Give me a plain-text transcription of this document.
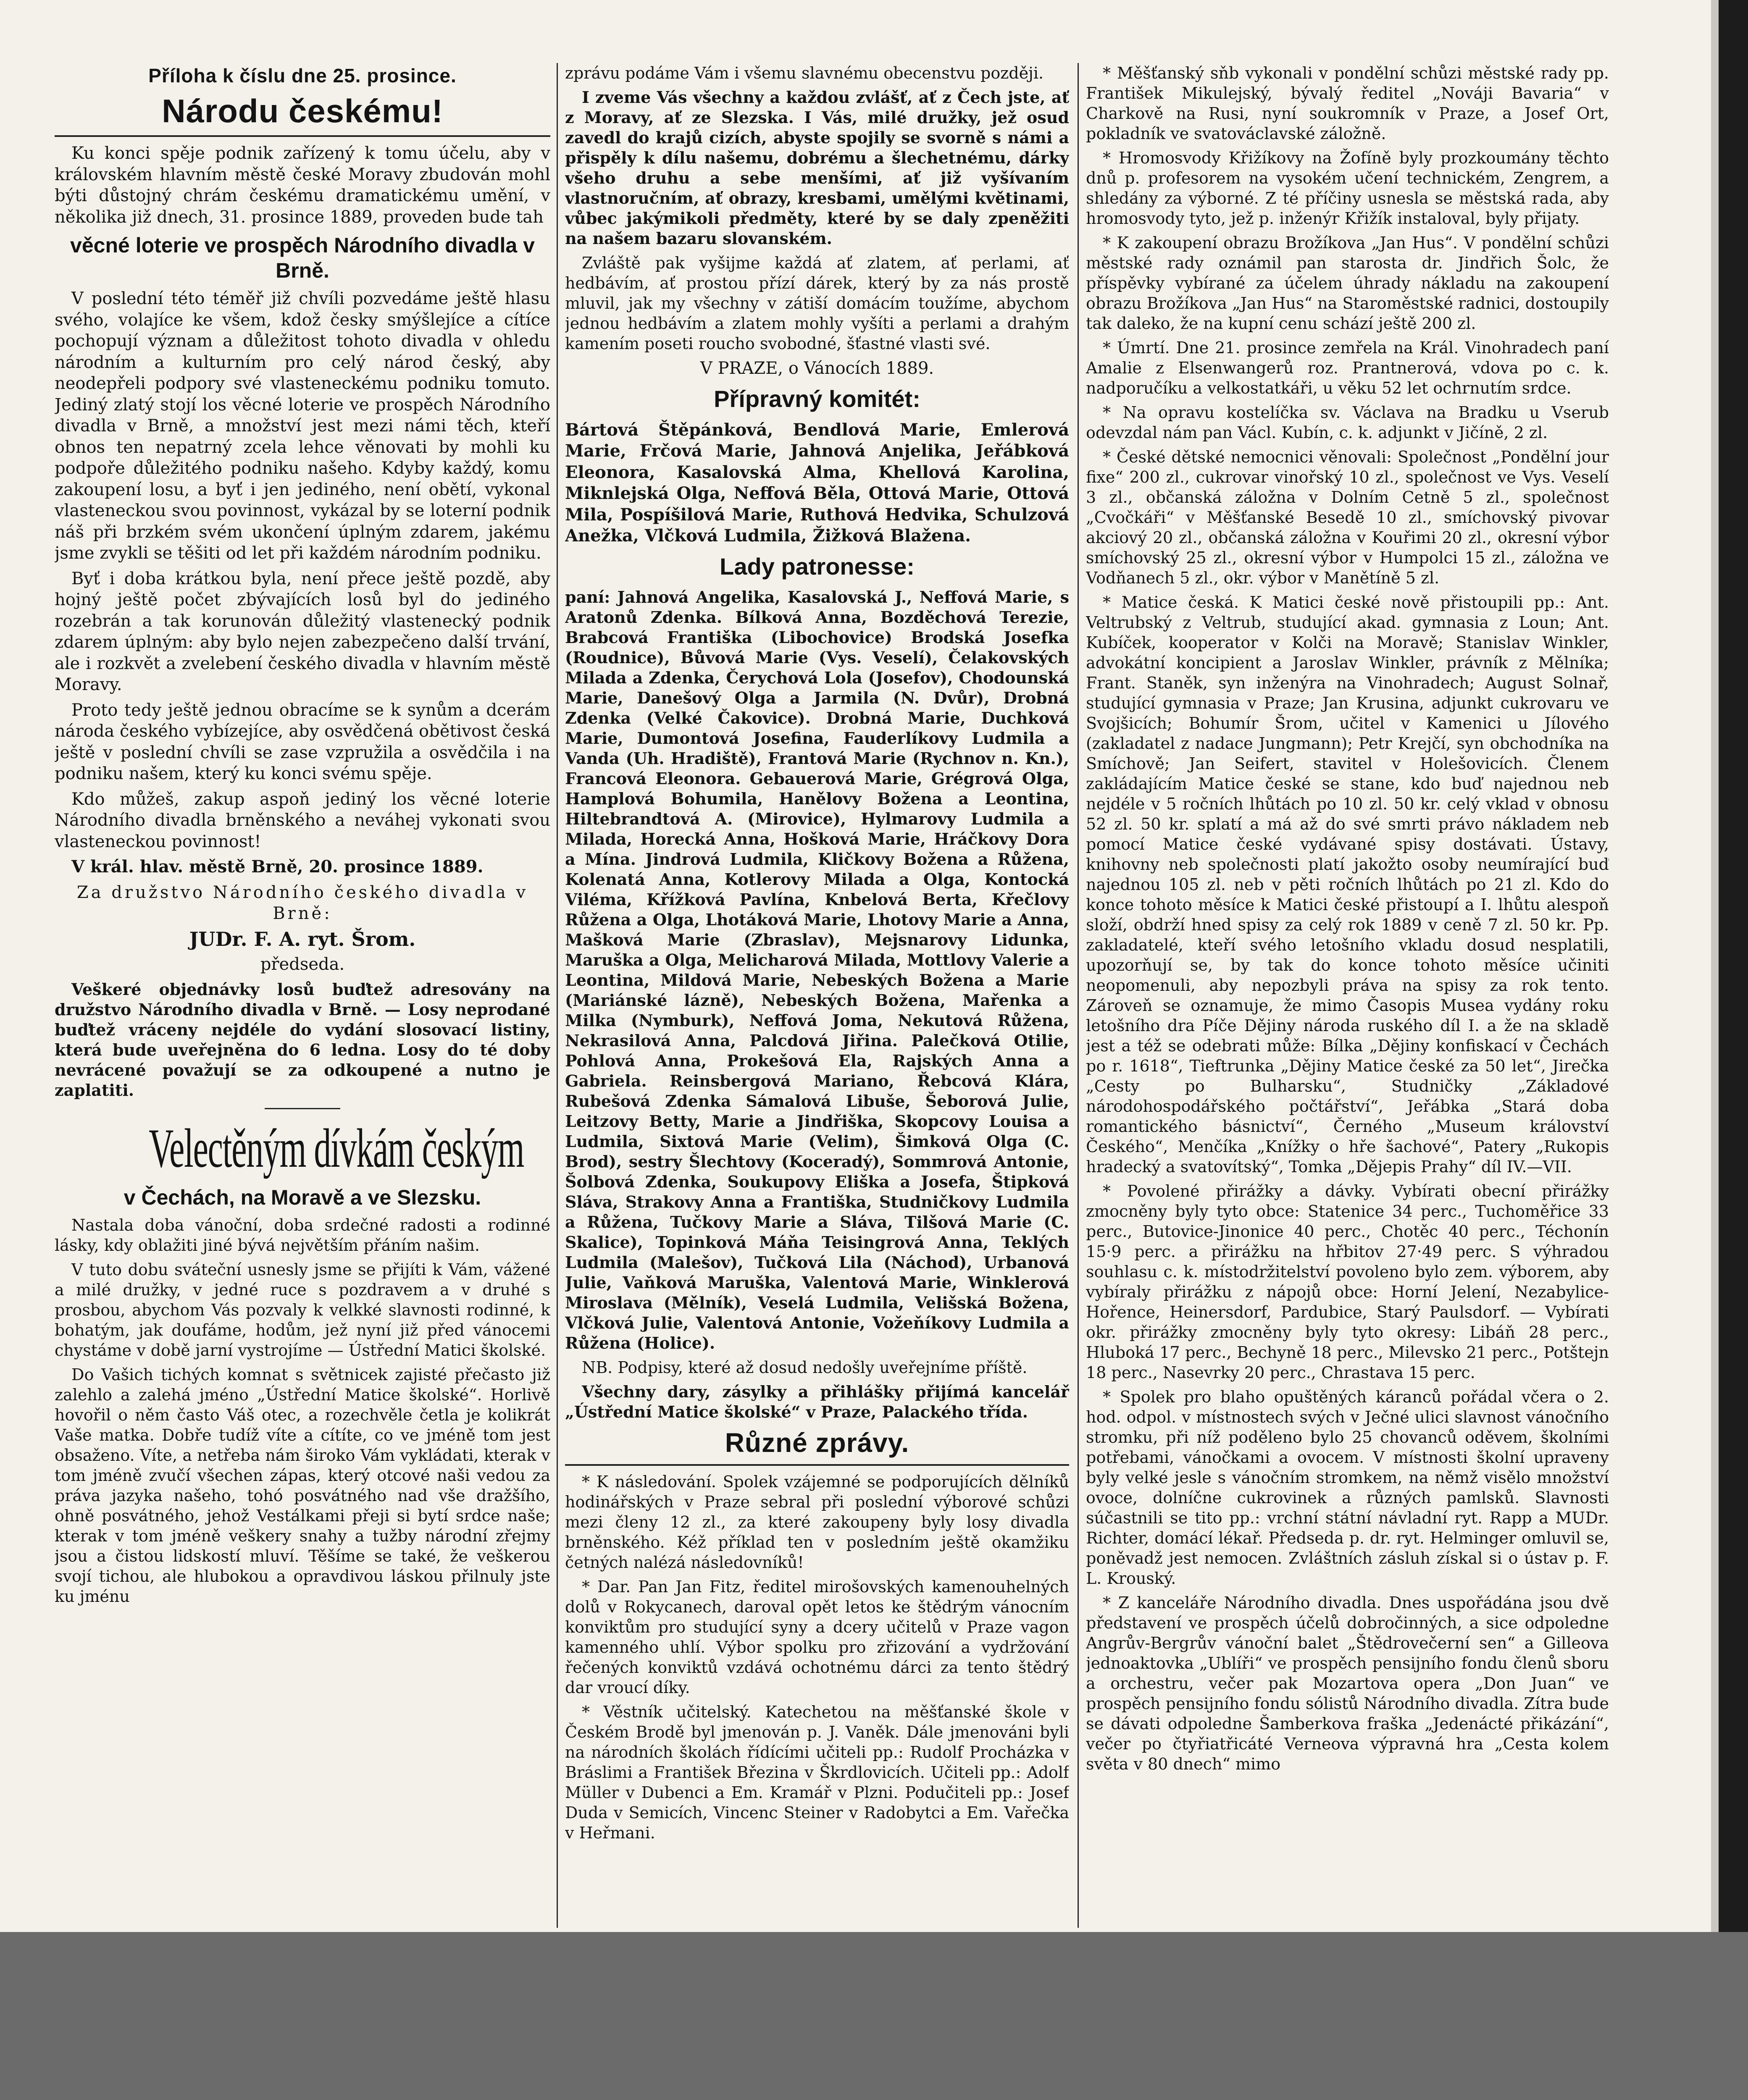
Příloha k číslu dne 25. prosince.
Národu českému!

Ku konci spěje podnik zařízený k tomu účelu, aby v královském hlavním městě české Moravy zbudován mohl býti důstojný chrám českému dramatickému umění, v několika již dnech, 31. prosince 1889, proveden bude tah

věcné loterie ve prospěch Národního divadla v Brně.

V poslední této téměř již chvíli pozvedáme ještě hlasu svého, volajíce ke všem, kdož česky smýšlejíce a cítíce pochopují význam a důležitost tohoto divadla v ohledu národním a kulturním pro celý národ český, aby neodepřeli podpory své vlasteneckému podniku tomuto. Jediný zlatý stojí los věcné loterie ve prospěch Národního divadla v Brně, a množství jest mezi námi těch, kteří obnos ten nepatrný zcela lehce věnovati by mohli ku podpoře důležitého podniku našeho. Kdyby každý, komu zakoupení losu, a byť i jen jediného, není obětí, vykonal vlasteneckou svou povinnost, vykázal by se loterní podnik náš při brzkém svém ukončení úplným zdarem, jakému jsme zvykli se těšiti od let při každém národním podniku.

Byť i doba krátkou byla, není přece ještě pozdě, aby hojný ještě počet zbývajících losů byl do jediného rozebrán a tak korunován důležitý vlastenecký podnik zdarem úplným: aby bylo nejen zabezpečeno další trvání, ale i rozkvět a zvelebení českého divadla v hlavním městě Moravy.

Proto tedy ještě jednou obracíme se k synům a dcerám národa českého vybízejíce, aby osvědčená obětivost česká ještě v poslední chvíli se zase vzpružila a osvědčila i na podniku našem, který ku konci svému spěje.

Kdo můžeš, zakup aspoň jediný los věcné loterie Národního divadla brněnského a neváhej vykonati svou vlasteneckou povinnost!

V král. hlav. městě Brně, 20. prosince 1889.

Za družstvo Národního českého divadla v Brně:

JUDr. F. A. ryt. Šrom.

předseda.

Veškeré objednávky losů buďtež adresovány na družstvo Národního divadla v Brně. — Losy neprodané buďtež vráceny nejdéle do vydání slosovací listiny, která bude uveřejněna do 6 ledna. Losy do té doby nevrácené považují se za odkoupené a nutno je zaplatiti.

Velectěným dívkám českým
v Čechách, na Moravě a ve Slezsku.

Nastala doba vánoční, doba srdečné radosti a rodinné lásky, kdy oblažiti jiné bývá největším přáním našim.

V tuto dobu sváteční usnesly jsme se přijíti k Vám, vážené a milé družky, v jedné ruce s pozdravem a v druhé s prosbou, abychom Vás pozvaly k velkké slavnosti rodinné, k bohatým, jak doufáme, hodům, jež nyní již před vánocemi chystáme v době jarní vystrojíme — Ústřední Matici školské.

Do Vašich tichých komnat s světnicek zajisté přečasto již zalehlo a zalehá jméno „Ústřední Matice školské“. Horlivě hovořil o něm často Váš otec, a rozechvěle četla je kolikrát Vaše matka. Dobře tudíž víte a cítíte, co ve jméně tom jest obsaženo. Víte, a netřeba nám široko Vám vykládati, kterak v tom jméně zvučí všechen zápas, který otcové naši vedou za práva jazyka našeho, tohó posvátného nad vše dražšího, ohně posvátného, jehož Vestálkami přeji si bytí srdce naše; kterak v tom jméně veškery snahy a tužby národní zřejmy jsou a čistou lidskostí mluví. Těšíme se také, že veškerou svojí tichou, ale hlubokou a opravdivou láskou přilnuly jste ku jménu

zprávu podáme Vám i všemu slavnému obecenstvu později.

I zveme Vás všechny a každou zvlášť, ať z Čech jste, ať z Moravy, ať ze Slezska. I Vás, milé družky, jež osud zavedl do krajů cizích, abyste spojily se svorně s námi a přispěly k dílu našemu, dobrému a šlechetnému, dárky všeho druhu a sebe menšími, ať již vyšívaním vlastnoručním, ať obrazy, kresbami, umělými květinami, vůbec jakýmikoli předměty, které by se daly zpeněžiti na našem bazaru slovanském.

Zvláště pak vyšijme každá ať zlatem, ať perlami, ať hedbávím, ať prostou přízí dárek, který by za nás prostě mluvil, jak my všechny v zátiší domácím toužíme, abychom jednou hedbávím a zlatem mohly vyšíti a perlami a drahým kamením poseti roucho svobodné, šťastné vlasti své.

V PRAZE, o Vánocích 1889.

Přípravný komitét:

Bártová Štěpánková, Bendlová Marie, Emlerová Marie, Frčová Marie, Jahnová Anjelika, Jeřábková Eleonora, Kasalovská Alma, Khellová Karolina, Miknlejská Olga, Neffová Běla, Ottová Marie, Ottová Mila, Pospíšilová Marie, Ruthová Hedvika, Schulzová Anežka, Vlčková Ludmila, Žižková Blažena.

Lady patronesse:

paní: Jahnová Angelika, Kasalovská J., Neffová Marie, s Aratonů Zdenka. Bílková Anna, Bozděchová Terezie, Brabcová Františka (Libochovice) Brodská Josefka (Roudnice), Bůvová Marie (Vys. Veselí), Čelakovských Milada a Zdenka, Čerychová Lola (Josefov), Chodounská Marie, Danešový Olga a Jarmila (N. Dvůr), Drobná Zdenka (Velké Čakovice). Drobná Marie, Duchková Marie, Dumontová Josefina, Fauderlíkovy Ludmila a Vanda (Uh. Hradiště), Frantová Marie (Rychnov n. Kn.), Francová Eleonora. Gebauerová Marie, Grégrová Olga, Hamplová Bohumila, Hanělovy Božena a Leontina, Hiltebrandtová A. (Mirovice), Hylmarovy Ludmila a Milada, Horecká Anna, Hošková Marie, Hráčkovy Dora a Mína. Jindrová Ludmila, Kličkovy Božena a Růžena, Kolenatá Anna, Kotlerovy Milada a Olga, Kontocká Viléma, Křížková Pavlína, Knbelová Berta, Křečlovy Růžena a Olga, Lhotáková Marie, Lhotovy Marie a Anna, Mašková Marie (Zbraslav), Mejsnarovy Lidunka, Maruška a Olga, Melicharová Milada, Mottlovy Valerie a Leontina, Mildová Marie, Nebeských Božena a Marie (Mariánské lázně), Nebeských Božena, Mařenka a Milka (Nymburk), Neffová Joma, Nekutová Růžena, Nekrasilová Anna, Palcdová Jiřina. Palečková Otilie, Pohlová Anna, Prokešová Ela, Rajských Anna a Gabriela. Reinsbergová Mariano, Řebcová Klára, Rubešová Zdenka Sámalová Libuše, Šeborová Julie, Leitzovy Betty, Marie a Jindřiška, Skopcovy Louisa a Ludmila, Sixtová Marie (Velim), Šimková Olga (C. Brod), sestry Šlechtovy (Koceradý), Sommrová Antonie, Šolbová Zdenka, Soukupovy Eliška a Josefa, Štipková Sláva, Strakovy Anna a Františka, Studničkovy Ludmila a Růžena, Tučkovy Marie a Sláva, Tilšová Marie (C. Skalice), Topinková Máňa Teisingrová Anna, Teklých Ludmila (Malešov), Tučková Lila (Náchod), Urbanová Julie, Vaňková Maruška, Valentová Marie, Winklerová Miroslava (Mělník), Veselá Ludmila, Velišská Božena, Vlčková Julie, Valentová Antonie, Vožeňíkovy Ludmila a Růžena (Holice).

NB. Podpisy, které až dosud nedošly uveřejníme příště.

Všechny dary, zásylky a přihlášky přijímá kancelář „Ústřední Matice školské“ v Praze, Palackého třída.

Různé zprávy.

* K následování. Spolek vzájemné se podporujících dělníků hodinářských v Praze sebral při poslední výborové schůzi mezi členy 12 zl., za které zakoupeny byly losy divadla brněnského. Kéž příklad ten v posledním ještě okamžiku četných nalézá následovníků!

* Dar. Pan Jan Fitz, ředitel mirošovských kamenouhelných dolů v Rokycanech, daroval opět letos ke štědrým vánocním konviktům pro studující syny a dcery učitelů v Praze vagon kamenného uhlí. Výbor spolku pro zřizování a vydržování řečených konviktů vzdává ochotnému dárci za tento štědrý dar vroucí díky.

* Věstník učitelský. Katechetou na měšťanské škole v Českém Brodě byl jmenován p. J. Vaněk. Dále jmenováni byli na národních školách řídícími učiteli pp.: Rudolf Procházka v Bráslimi a František Březina v Škrdlovicích. Učiteli pp.: Adolf Müller v Dubenci a Em. Kramář v Plzni. Podučiteli pp.: Josef Duda v Semicích, Vincenc Steiner v Radobytci a Em. Vařečka v Heřmani.

* Měšťanský sňb vykonali v pondělní schůzi městské rady pp. František Mikulejský, bývalý ředitel „Nováji Bavaria“ v Charkově na Rusi, nyní soukromník v Praze, a Josef Ort, pokladník ve svatováclavské záložně.

* Hromosvody Křižíkovy na Žofíně byly prozkoumány těchto dnů p. profesorem na vysokém učení technickém, Zengrem, a shledány za výborné. Z té příčiny usnesla se městská rada, aby hromosvody tyto, jež p. inženýr Křižík instaloval, byly přijaty.

* K zakoupení obrazu Brožíkova „Jan Hus“. V pondělní schůzi městské rady oznámil pan starosta dr. Jindřich Šolc, že příspěvky vybírané za účelem úhrady nákladu na zakoupení obrazu Brožíkova „Jan Hus“ na Staroměstské radnici, dostoupily tak daleko, že na kupní cenu schází ještě 200 zl.

* Úmrtí. Dne 21. prosince zemřela na Král. Vinohradech paní Amalie z Elsenwangerů roz. Prantnerová, vdova po c. k. nadporučíku a velkostatkáři, u věku 52 let ochrnutím srdce.

* Na opravu kostelíčka sv. Václava na Bradku u Vserub odevzdal nám pan Václ. Kubín, c. k. adjunkt v Jičíně, 2 zl.

* České dětské nemocnici věnovali: Společnost „Pondělní jour fixe“ 200 zl., cukrovar vinořský 10 zl., společnost ve Vys. Veselí 3 zl., občanská záložna v Dolním Cetně 5 zl., společnost „Cvočkáři“ v Měšťanské Besedě 10 zl., smíchovský pivovar akciový 20 zl., občanská záložna v Kouřimi 20 zl., okresní výbor smíchovský 25 zl., okresní výbor v Humpolci 15 zl., záložna ve Vodňanech 5 zl., okr. výbor v Manětíně 5 zl.

* Matice česká. K Matici české nově přistoupili pp.: Ant. Veltrubský z Veltrub, studující akad. gymnasia z Loun; Ant. Kubíček, kooperator v Kolči na Moravě; Stanislav Winkler, advokátní koncipient a Jaroslav Winkler, právník z Mělníka; Frant. Staněk, syn inženýra na Vinohradech; August Solnař, studující gymnasia v Praze; Jan Krusina, adjunkt cukrovaru ve Svojšicích; Bohumír Šrom, učitel v Kamenici u Jílového (zakladatel z nadace Jungmann); Petr Krejčí, syn obchodníka na Smíchově; Jan Seifert, stavitel v Holešovicích. Členem zakládajícím Matice české se stane, kdo buď najednou neb nejdéle v 5 ročních lhůtách po 10 zl. 50 kr. celý vklad v obnosu 52 zl. 50 kr. splatí a má až do své smrti právo nákladem neb pomocí Matice české vydávané spisy dostávati. Ústavy, knihovny neb společnosti platí jakožto osoby neumírající buď najednou 105 zl. neb v pěti ročních lhůtách po 21 zl. Kdo do konce tohoto měsíce k Matici české přistoupí a I. lhůtu alespoň složí, obdrží hned spisy za celý rok 1889 v ceně 7 zl. 50 kr. Pp. zakladatelé, kteří svého letošního vkladu dosud nesplatili, upozorňují se, by tak do konce tohoto měsíce učiniti neopomenuli, aby nepozbyli práva na spisy za rok tento. Zároveň se oznamuje, že mimo Časopis Musea vydány roku letošního dra Píče Dějiny národa ruského díl I. a že na skladě jest a též se odebrati může: Bílka „Dějiny konfiskací v Čechách po r. 1618“, Tieftrunka „Dějiny Matice české za 50 let“, Jirečka „Cesty po Bulharsku“, Studničky „Základové národohospodářského počtářství“, Jeřábka „Stará doba romantického básnictví“, Černého „Museum království Českého“, Menčíka „Knížky o hře šachové“, Patery „Rukopis hradecký a svatovítský“, Tomka „Dějepis Prahy“ díl IV.—VII.

* Povolené přirážky a dávky. Vybírati obecní přirážky zmocněny byly tyto obce: Statenice 34 perc., Tuchoměřice 33 perc., Butovice-Jinonice 40 perc., Chotěc 40 perc., Téchonín 15·9 perc. a přirážku na hřbitov 27·49 perc. S výhradou souhlasu c. k. místodržitelství povoleno bylo zem. výborem, aby vybíraly přirážku z nápojů obce: Horní Jelení, Nezabylice-Hořence, Heinersdorf, Pardubice, Starý Paulsdorf. — Vybírati okr. přirážky zmocněny byly tyto okresy: Libáň 28 perc., Hluboká 17 perc., Bechyně 18 perc., Milevsko 21 perc., Potštejn 18 perc., Nasevrky 20 perc., Chrastava 15 perc.

* Spolek pro blaho opuštěných káranců pořádal včera o 2. hod. odpol. v místnostech svých v Ječné ulici slavnost vánočního stromku, při níž poděleno bylo 25 chovanců oděvem, školními potřebami, vánočkami a ovocem. V místnosti školní upraveny byly velké jesle s vánočním stromkem, na němž visělo množství ovoce, dolníčne cukrovinek a různých pamlsků. Slavnosti súčastnili se tito pp.: vrchní státní návladní ryt. Rapp a MUDr. Richter, domácí lékař. Předseda p. dr. ryt. Helminger omluvil se, poněvadž jest nemocen. Zvláštních zásluh získal si o ústav p. F. L. Krouský.

* Z kanceláře Národního divadla. Dnes uspořádána jsou dvě představení ve prospěch účelů dobročinných, a sice odpoledne Angrův-Bergrův vánoční balet „Štědrovečerní sen“ a Gilleova jednoaktovka „Ublíři“ ve prospěch pensijního fondu členů sboru a orchestru, večer pak Mozartova opera „Don Juan“ ve prospěch pensijního fondu sólistů Národního divadla. Zítra bude se dávati odpoledne Šamberkova fraška „Jedenácté přikázání“, večer po čtyřiatřicáté Verneova výpravná hra „Cesta kolem světa v 80 dnech“ mimo
